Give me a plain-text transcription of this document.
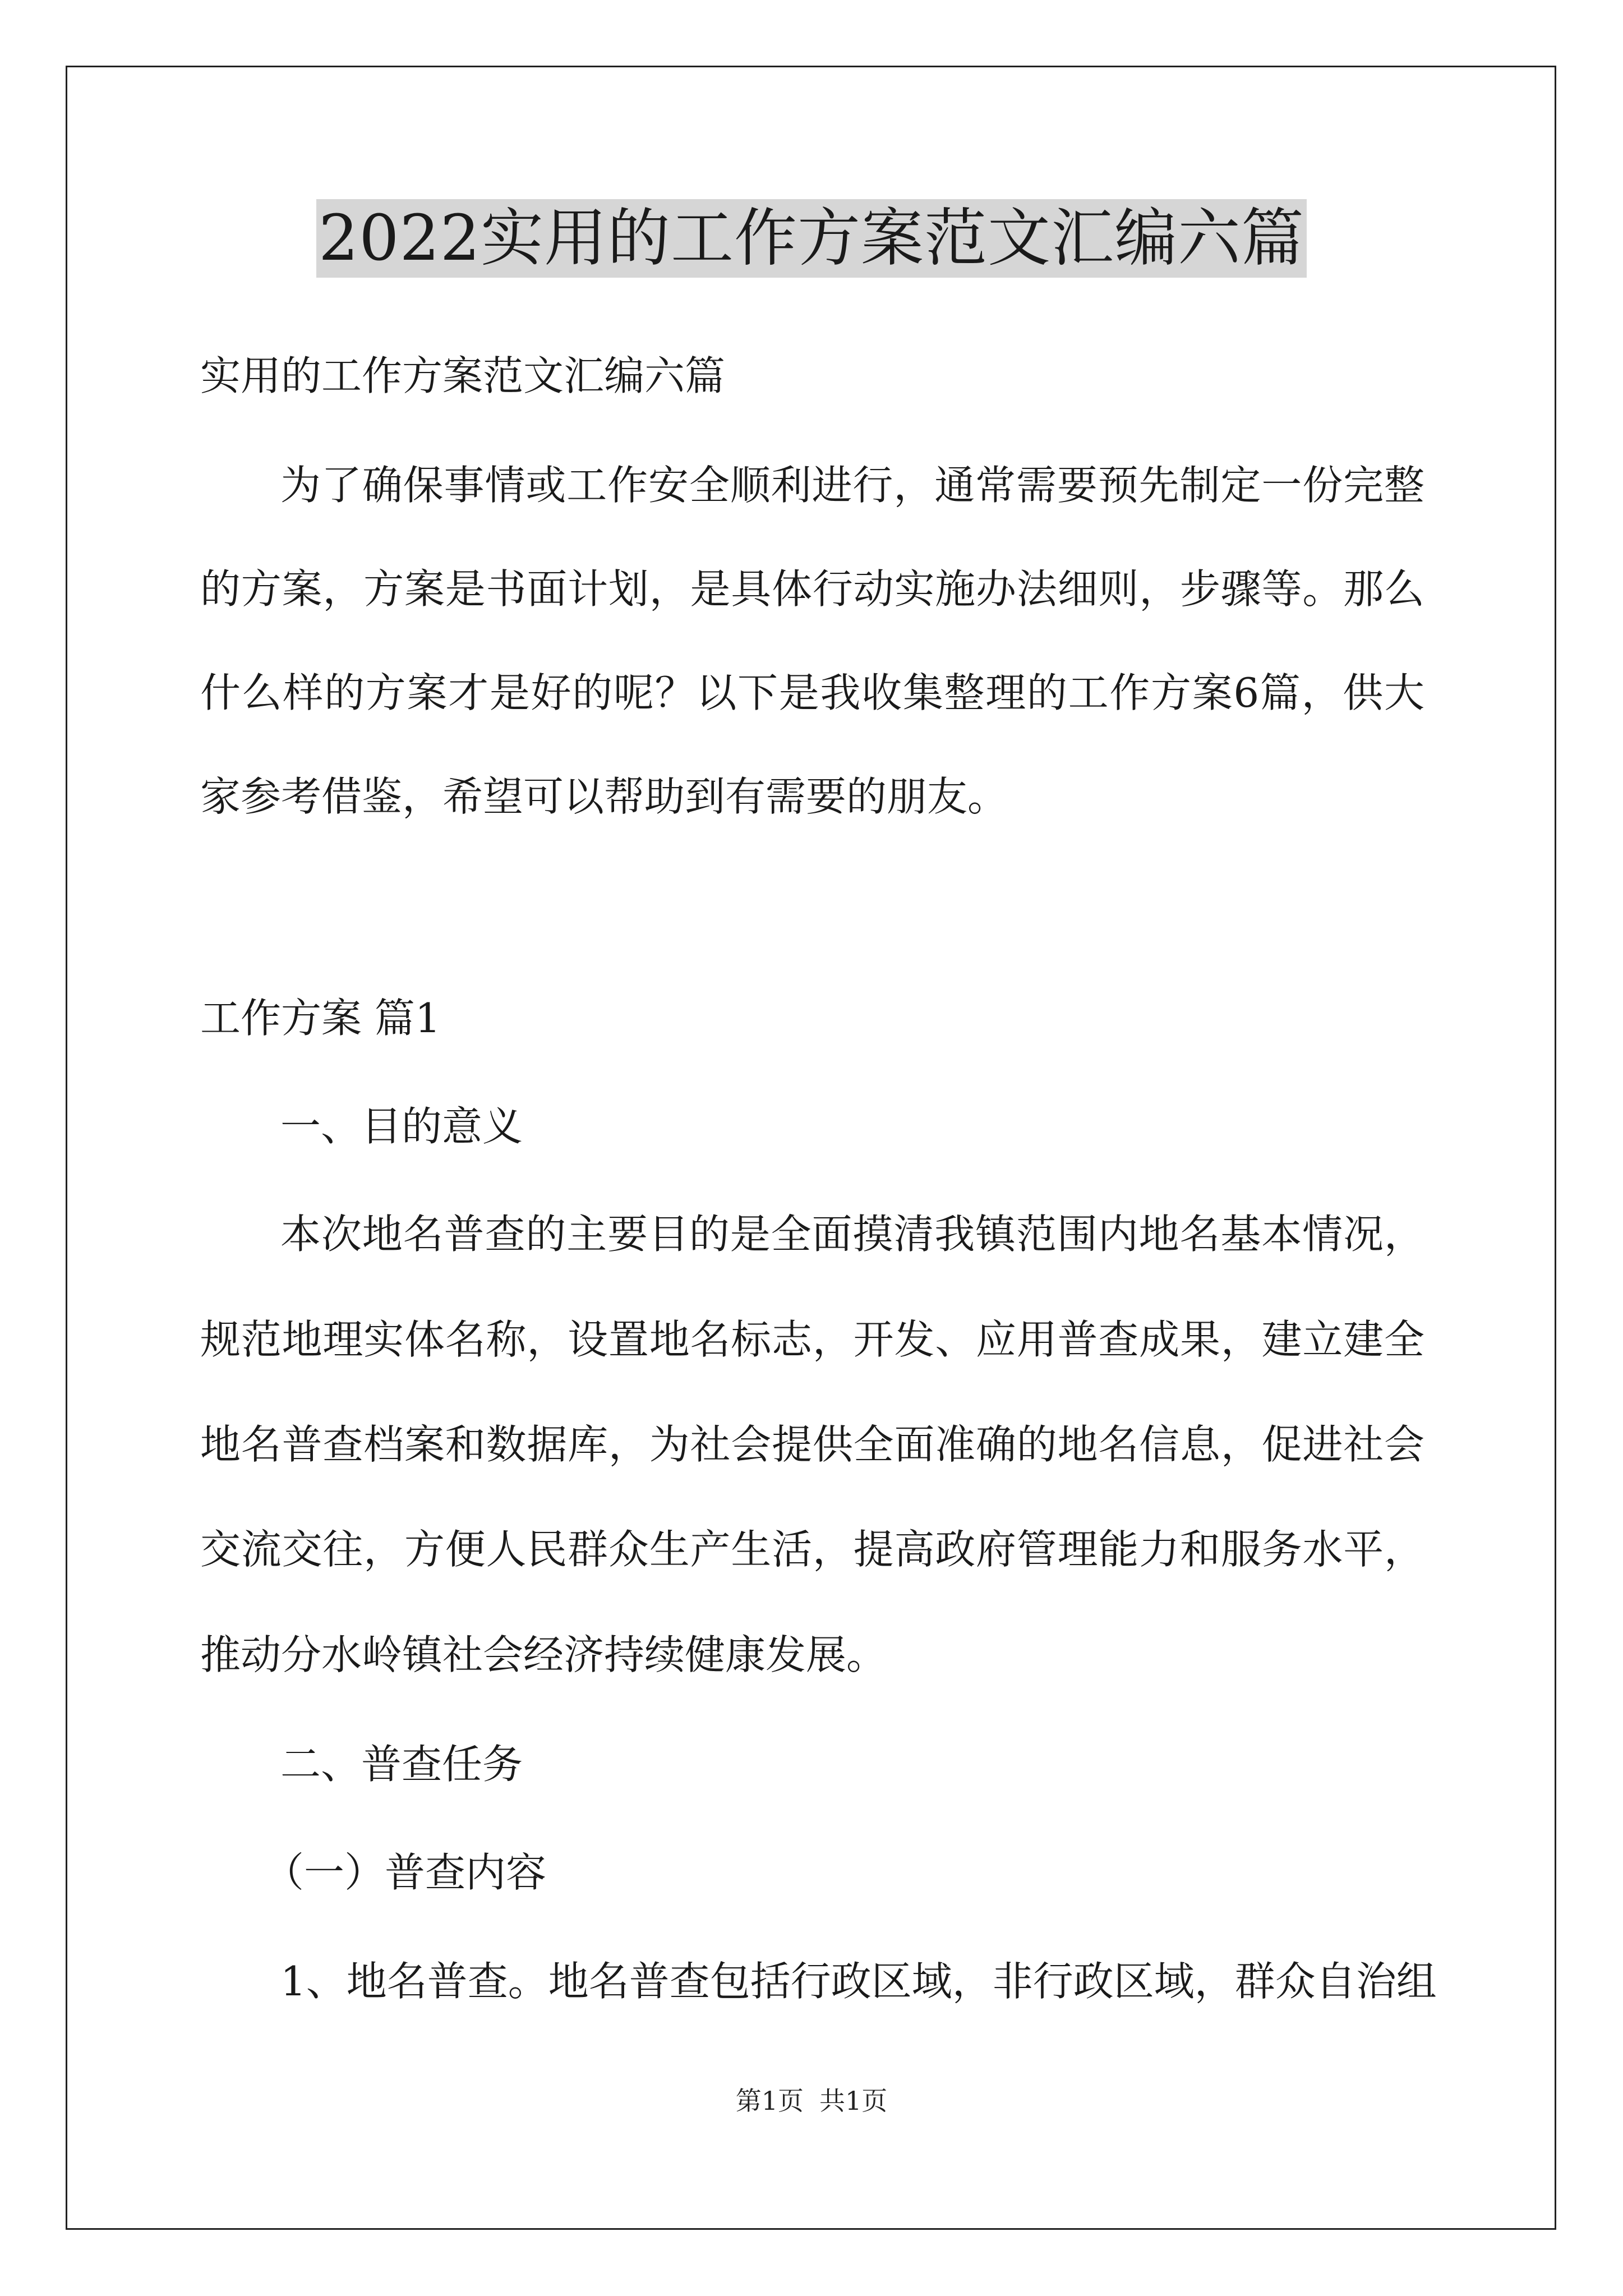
2022实用的工作方案范文汇编六篇
实用的工作方案范文汇编六篇
为了确保事情或工作安全顺利进行，通常需要预先制定一份完整
的方案，方案是书面计划，是具体行动实施办法细则，步骤等。那么
什么样的方案才是好的呢？以下是我收集整理的工作方案6篇，供大
家参考借鉴，希望可以帮助到有需要的朋友。
工作方案 篇1
一、目的意义
本次地名普查的主要目的是全面摸清我镇范围内地名基本情况，
规范地理实体名称，设置地名标志，开发、应用普查成果，建立建全
地名普查档案和数据库，为社会提供全面准确的地名信息，促进社会
交流交往，方便人民群众生产生活，提高政府管理能力和服务水平，
推动分水岭镇社会经济持续健康发展。
二、普查任务
（一）普查内容
1、地名普查。地名普查包括行政区域，非行政区域，群众自治组
第1页 共1页
